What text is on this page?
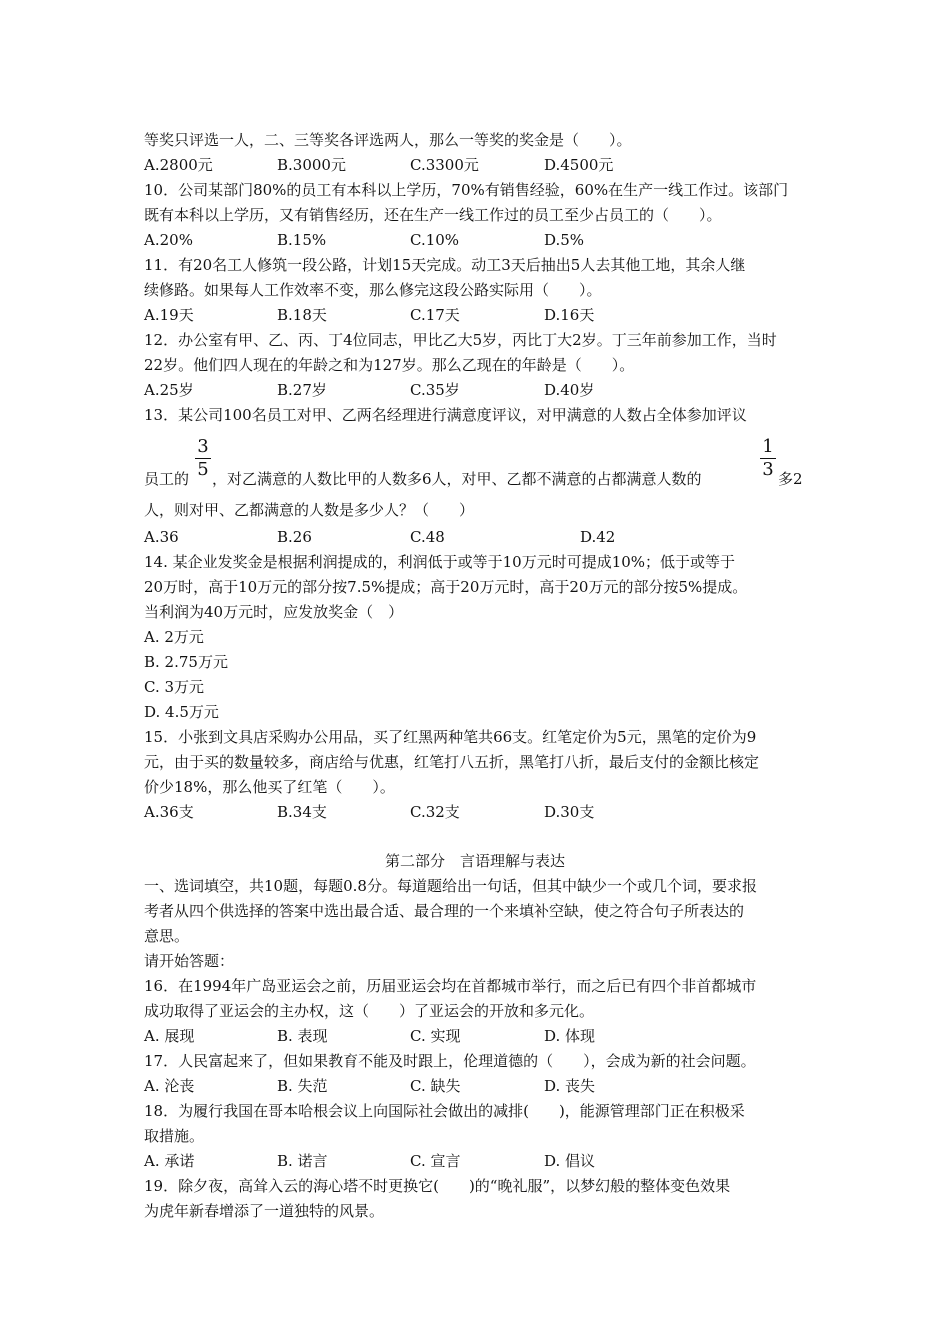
等奖只评选一人，二、三等奖各评选两人，那么一等奖的奖金是（　　）。
A.2800元	B.3000元	C.3300元	D.4500元
10．公司某部门80%的员工有本科以上学历，70%有销售经验，60%在生产一线工作过。该部门
既有本科以上学历，又有销售经历，还在生产一线工作过的员工至少占员工的（　　）。
A.20%	B.15%	C.10%	D.5%
11．有20名工人修筑一段公路，计划15天完成。动工3天后抽出5人去其他工地，其余人继
续修路。如果每人工作效率不变，那么修完这段公路实际用（　　）。
A.19天	B.18天	C.17天	D.16天
12．办公室有甲、乙、丙、丁4位同志，甲比乙大5岁，丙比丁大2岁。丁三年前参加工作，当时
22岁。他们四人现在的年龄之和为127岁。那么乙现在的年龄是（　　）。
A.25岁	B.27岁	C.35岁	D.40岁
13．某公司100名员工对甲、乙两名经理进行满意度评议，对甲满意的人数占全体参加评议
3
5
1
3
员工的 ，对乙满意的人数比甲的人数多6人，对甲、乙都不满意的占都满意人数的	多2
人，则对甲、乙都满意的人数是多少人？（　　）
A.36	B.26	C.48	D.42
14. 某企业发奖金是根据利润提成的，利润低于或等于10万元时可提成10%；低于或等于
20万时，高于10万元的部分按7.5%提成；高于20万元时，高于20万元的部分按5%提成。
当利润为40万元时，应发放奖金（　）
A. 2万元
B. 2.75万元
C. 3万元
D. 4.5万元
15．小张到文具店采购办公用品，买了红黑两种笔共66支。红笔定价为5元，黑笔的定价为9
元，由于买的数量较多，商店给与优惠，红笔打八五折，黑笔打八折，最后支付的金额比核定
价少18%，那么他买了红笔（　　）。
A.36支	B.34支	C.32支	D.30支
第二部分　言语理解与表达
一、选词填空，共10题，每题0.8分。每道题给出一句话，但其中缺少一个或几个词，要求报
考者从四个供选择的答案中选出最合适、最合理的一个来填补空缺，使之符合句子所表达的
意思。
请开始答题：
16．在1994年广岛亚运会之前，历届亚运会均在首都城市举行，而之后已有四个非首都城市
成功取得了亚运会的主办权，这（　　）了亚运会的开放和多元化。
A. 展现	B. 表现	C. 实现	D. 体现
17．人民富起来了，但如果教育不能及时跟上，伦理道德的（　　），会成为新的社会问题。
A. 沦丧	B. 失范	C. 缺失	D. 丧失
18．为履行我国在哥本哈根会议上向国际社会做出的减排(　　)，能源管理部门正在积极采
取措施。
A. 承诺	B. 诺言	C. 宣言	D. 倡议
19．除夕夜，高耸入云的海心塔不时更换它(　　)的“晚礼服”，以梦幻般的整体变色效果
为虎年新春增添了一道独特的风景。
